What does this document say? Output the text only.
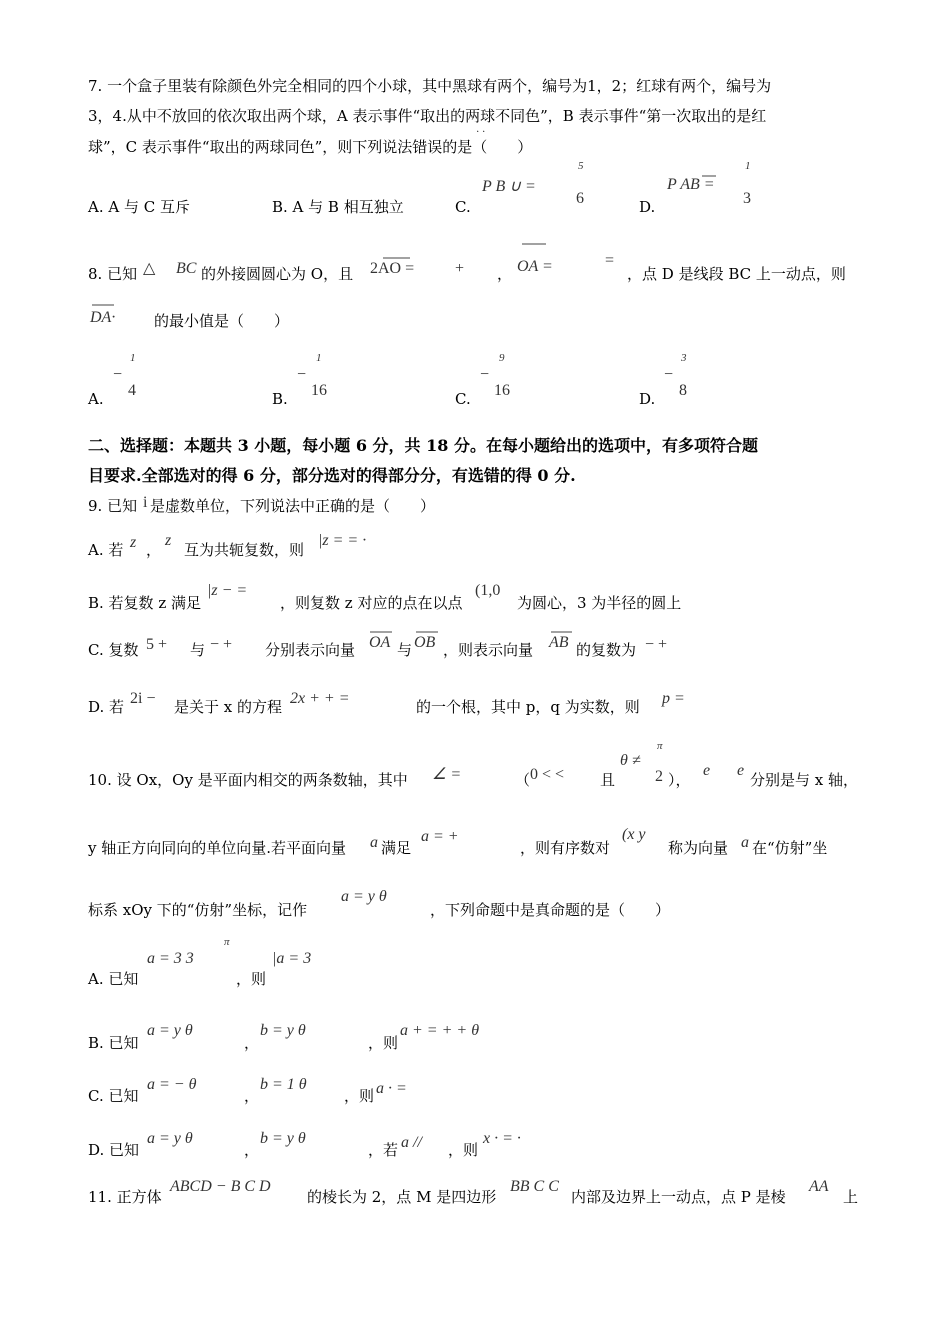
7. 一个盒子里装有除颜色外完全相同的四个小球，其中黑球有两个，编号为1，2；红球有两个，编号为
3，4.从中不放回的依次取出两个球，A 表示事件“取出的两球不同色”，B 表示事件“第一次取出的是红
· ·
球”，C 表示事件“取出的两球同色”，则下列说法错误的是（　　）
A. A 与 C 互斥	B. A 与 B 相互独立	C.
P B ∪ =
5
6	D.
P AB =
1
3
8. 已知 △ BC 的外接圆圆心为 O，且 2AO =	+ ， OA =	=
，点 D 是线段 BC 上一动点，则
DA·	的最小值是（　　）
A.
−
1
4	B.
−
1
16	C.
−
9
16	D.
−
3
8
二、选择题：本题共 3 小题，每小题 6 分，共 18 分。在每小题给出的选项中，有多项符合题
目要求.全部选对的得 6 分，部分选对的得部分分，有选错的得 0 分.
9. 已知 i 是虚数单位，下列说法中正确的是（　　）
A. 若 z ，
z
互为共轭复数，则
|z = = ·
B. 若复数 z 满足
|z − =
，则复数 z 对应的点在以点
(1,0
为圆心，3 为半径的圆上
C. 复数 5 + 与 − + 分别表示向量 OA 与 OB ，则表示向量 AB 的复数为 − +
D. 若 2i − 是关于 x 的方程 2x + + =	的一个根，其中 p，q 为实数，则 p =
10. 设 Ox，Oy 是平面内相交的两条数轴，其中 ∠ =	（ 0 < < 且
θ ≠
π
2 ），
e e
分别是与 x 轴，
y 轴正方向同向的单位向量.若平面向量 a 满足
a = +
，则有序数对
(x y
称为向量 a 在“仿射”坐
标系 xOy 下的“仿射”坐标，记作
a = y θ
，下列命题中是真命题的是（　　）
A. 已知
a = 3 3
π
，则
|a = 3
B. 已知
a = y θ
，
b = y θ
，则
a + = + + θ
C. 已知
a = − θ
，
b = 1 θ
，则 a · =
D. 已知
a = y θ
，
b = y θ
，若 a // ，则
x · = ·
11. 正方体
ABCD − B C D
的棱长为 2，点 M 是四边形
BB C C
内部及边界上一动点，点 P 是棱
AA
上
